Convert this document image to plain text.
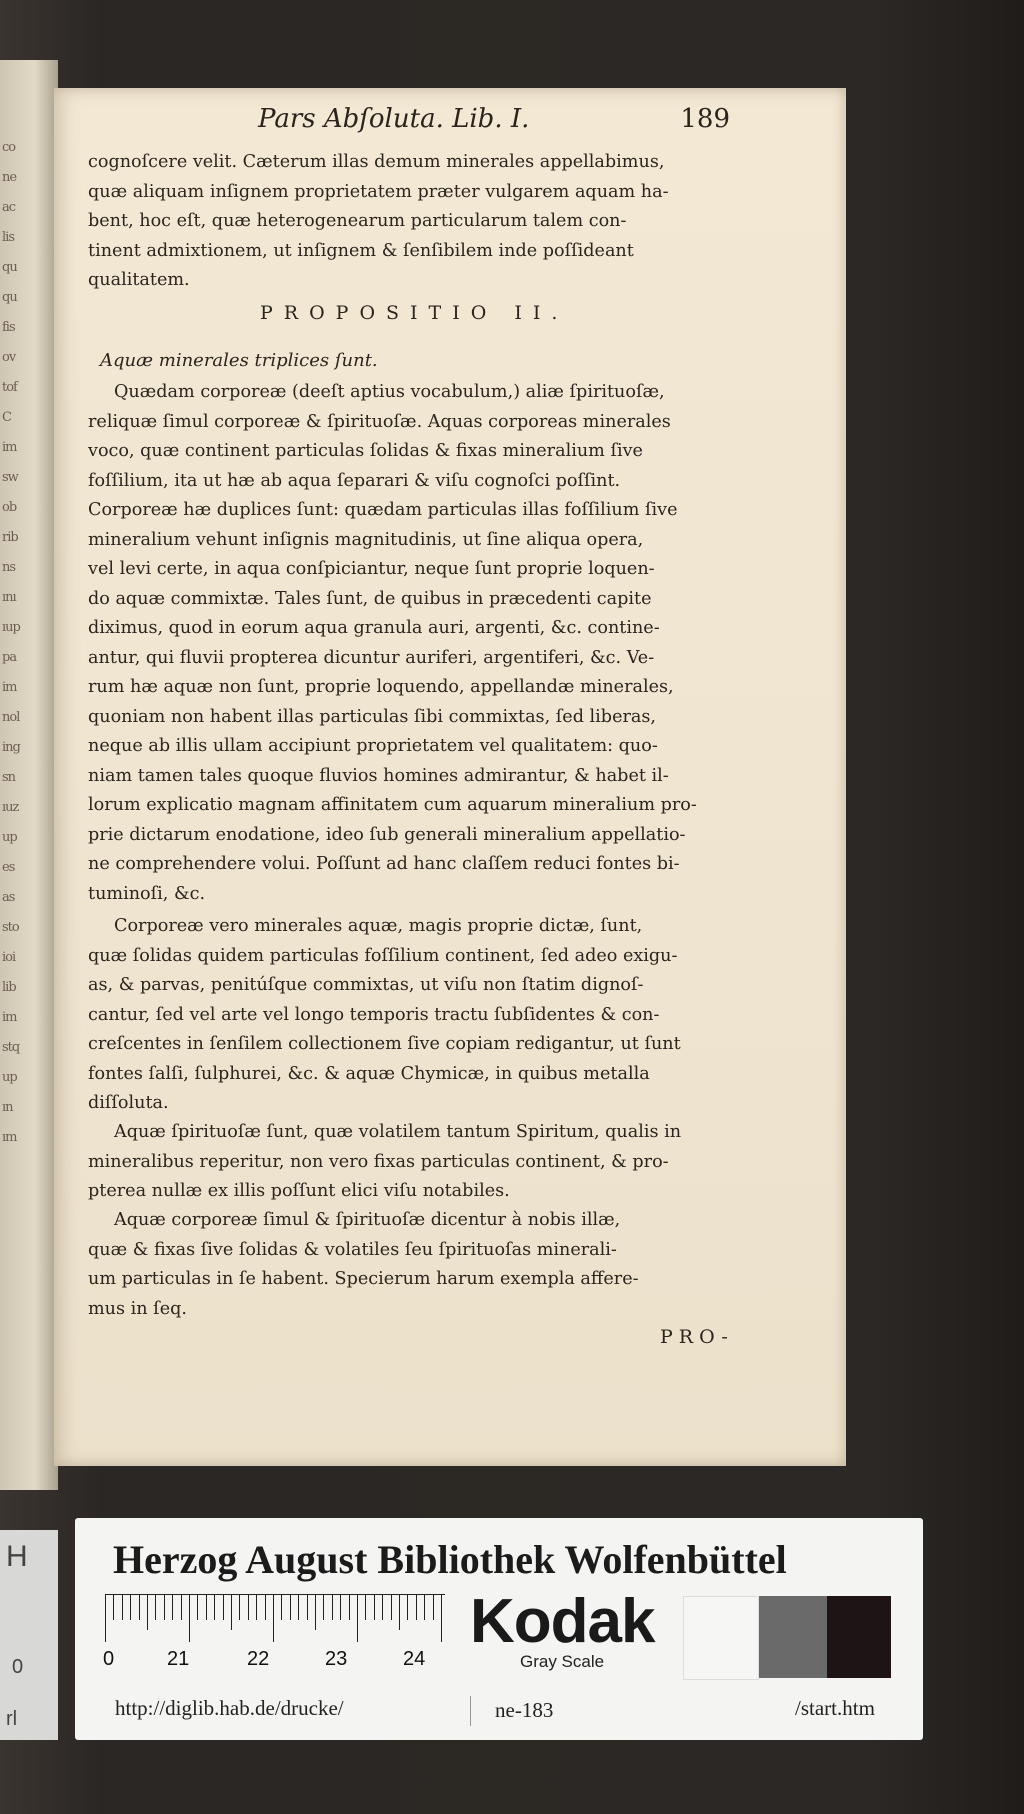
co
ne
ac
lis
qu
qu
fis
ov
tof
C
im
sw
ob
rib
ns
ını
ıup
pa
im
nol
ing
sn
ıuz
up
es
as
sto
ioi
lib
im
stq
up
ın
ım
Pars Abſoluta. Lib. I.	189

cognoſcere velit. Cæterum illas demum minerales appellabimus,

quæ aliquam inſignem proprietatem præter vulgarem aquam ha-

bent, hoc eſt, quæ heterogenearum particularum talem con-

tinent admixtionem, ut inſignem & ſenſibilem inde poſſideant

qualitatem.

PROPOSITIO II.
Aquæ minerales triplices ſunt.

Quædam corporeæ (deeſt aptius vocabulum,) aliæ ſpirituoſæ,

reliquæ ſimul corporeæ & ſpirituoſæ. Aquas corporeas minerales

voco, quæ continent particulas ſolidas & fixas mineralium ſive

foſſilium, ita ut hæ ab aqua ſeparari & viſu cognoſci poſſint.

Corporeæ hæ duplices ſunt: quædam particulas illas foſſilium ſive

mineralium vehunt inſignis magnitudinis, ut ſine aliqua opera,

vel levi certe, in aqua conſpiciantur, neque ſunt proprie loquen-

do aquæ commixtæ. Tales ſunt, de quibus in præcedenti capite

diximus, quod in eorum aqua granula auri, argenti, &c. contine-

antur, qui fluvii propterea dicuntur auriferi, argentiferi, &c. Ve-

rum hæ aquæ non ſunt, proprie loquendo, appellandæ minerales,

quoniam non habent illas particulas ſibi commixtas, ſed liberas,

neque ab illis ullam accipiunt proprietatem vel qualitatem: quo-

niam tamen tales quoque fluvios homines admirantur, & habet il-

lorum explicatio magnam affinitatem cum aquarum mineralium pro-

prie dictarum enodatione, ideo ſub generali mineralium appellatio-

ne comprehendere volui. Poſſunt ad hanc claſſem reduci fontes bi-

tuminoſi, &c.

Corporeæ vero minerales aquæ, magis proprie dictæ, ſunt,

quæ ſolidas quidem particulas foſſilium continent, ſed adeo exigu-

as, & parvas, penitúſque commixtas, ut viſu non ſtatim dignoſ-

cantur, ſed vel arte vel longo temporis tractu ſubſidentes & con-

creſcentes in ſenſilem collectionem ſive copiam redigantur, ut ſunt

fontes ſalſi, ſulphurei, &c. & aquæ Chymicæ, in quibus metalla

diſſoluta.

Aquæ ſpirituoſæ ſunt, quæ volatilem tantum Spiritum, qualis in

mineralibus reperitur, non vero fixas particulas continent, & pro-

pterea nullæ ex illis poſſunt elici viſu notabiles.

Aquæ corporeæ ſimul & ſpirituoſæ dicentur à nobis illæ,

quæ & fixas ſive ſolidas & volatiles ſeu ſpirituoſas minerali-

um particulas in ſe habent. Specierum harum exempla affere-

mus in ſeq.

PRO-
H
0
rl
Herzog August Bibliothek Wolfenbüttel
0	21	22	23	24
Kodak
Gray Scale
http://diglib.hab.de/drucke/	ne-183	/start.htm
